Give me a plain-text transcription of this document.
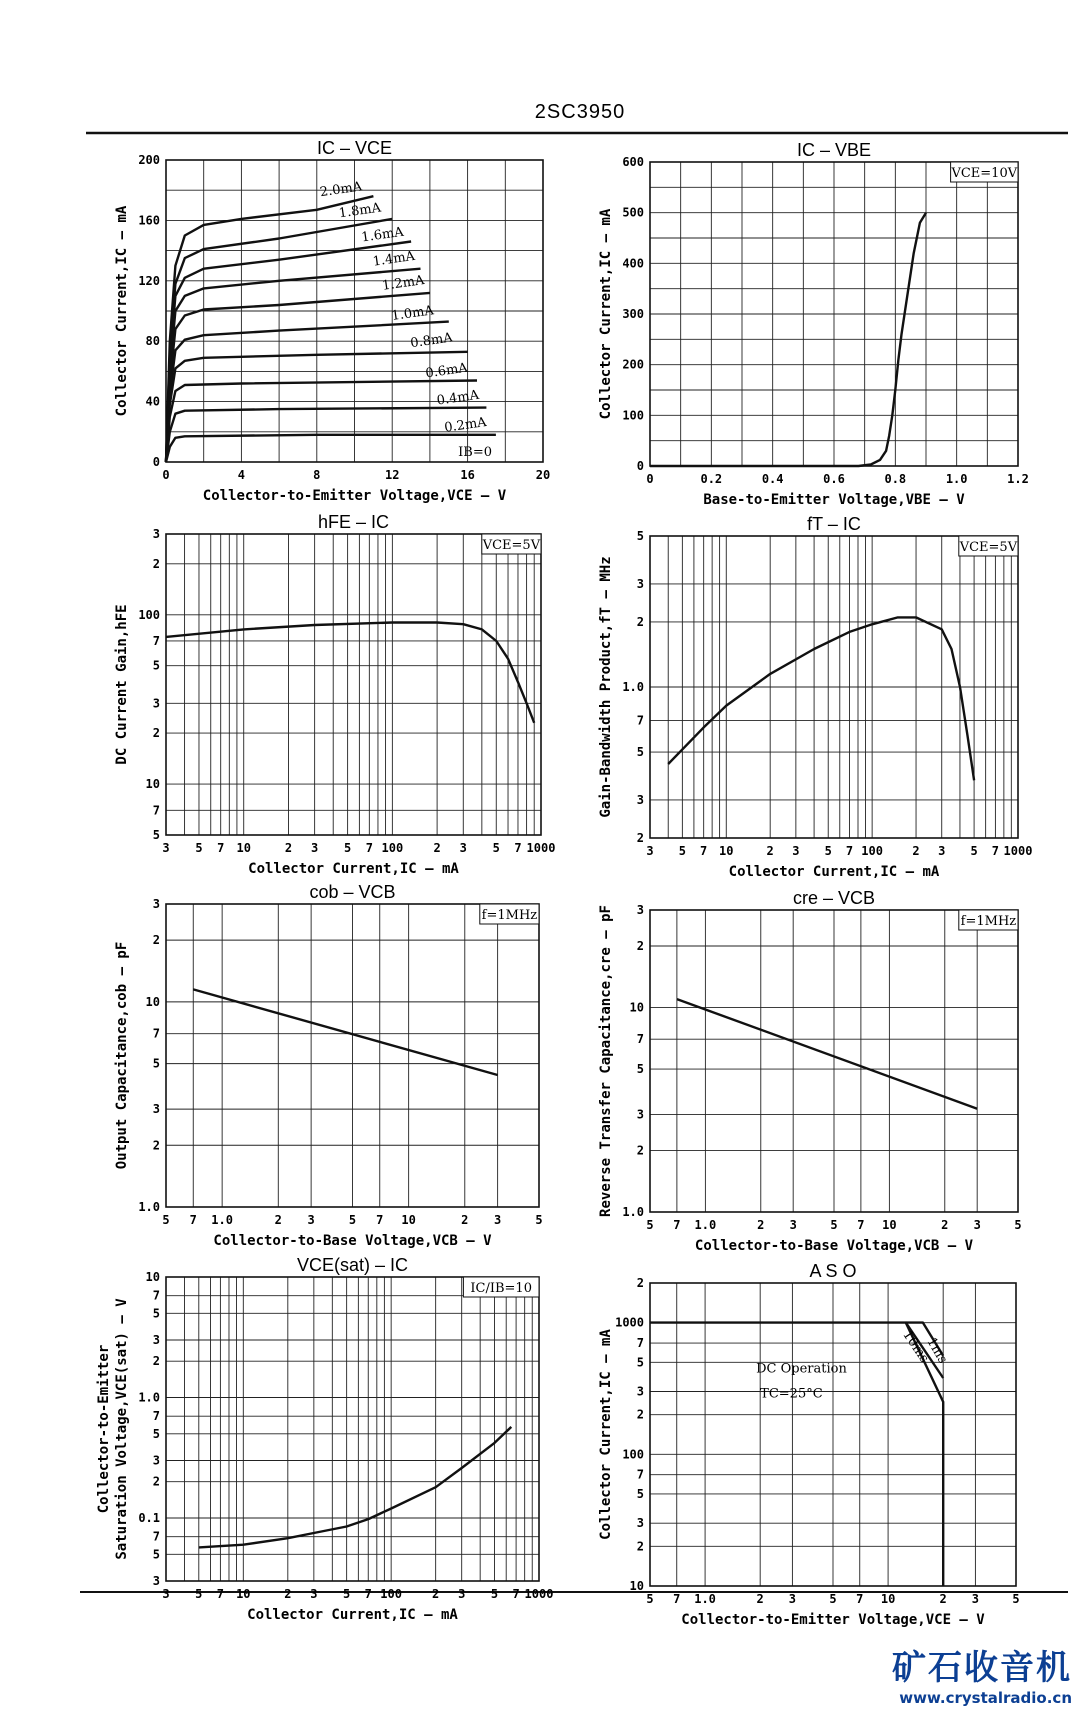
2SC3950
0	4	8	12	16	20
0
40
80
120
160
200
IC – VCE
Collector-to-Emitter Voltage,VCE – V
Collector Current,IC – mA
2.0mA
1.8mA
1.6mA
1.4mA
1.2mA
1.0mA
0.8mA
0.6mA
0.4mA
0.2mA
IB=0
0	0.2	0.4	0.6	0.8	1.0	1.2
0
100
200
300
400
500
600
IC – VBE
Base-to-Emitter Voltage,VBE – V
Collector Current,IC – mA
VCE=10V
3 5 7 10	2 3 5 7 100	2 3 5 7 1000
5
7
10
2
3
5
7
100
2
3
hFE – IC
Collector Current,IC – mA
DC Current Gain,hFE
VCE=5V
3 5 7 10	2 3 5 7 100 2 3 5 7 1000
2
3
5
7
1.0
2
3
5
fT – IC
Collector Current,IC – mA
Gain-Bandwidth Product,fT – MHz
VCE=5V
5 7 1.0	2 3	5 7 10	2 3	5
1.0
2
3
5
7
10
2
3
cob – VCB
Collector-to-Base Voltage,VCB – V
Output Capacitance,cob – pF
f=1MHz
5 7 1.0	2 3	5 7 10	2 3	5
1.0
2
3
5
7
10
2
3
cre – VCB
Collector-to-Base Voltage,VCB – V
Reverse Transfer Capacitance,cre – pF	f=1MHz
3 5 7 10	2 3 5 7 100	2 3 5 7 1000
3
5
7
0.1
2
3
5
7
1.0
2
3
5
7
10
VCE(sat) – IC
Collector Current,IC – mA
Collector-to-Emitter Saturation Voltage,VCE(sat) – V
IC/IB=10
5 7 1.0	2 3	5 7 10	2 3	5
10
2
3
5
7
100
2
3
5
7
1000
2
A S O
Collector-to-Emitter Voltage,VCE – V
Collector Current,IC – mA	DC Operation
TC=25°C
1ms
10ms
矿石收音机
www.crystalradio.cn
